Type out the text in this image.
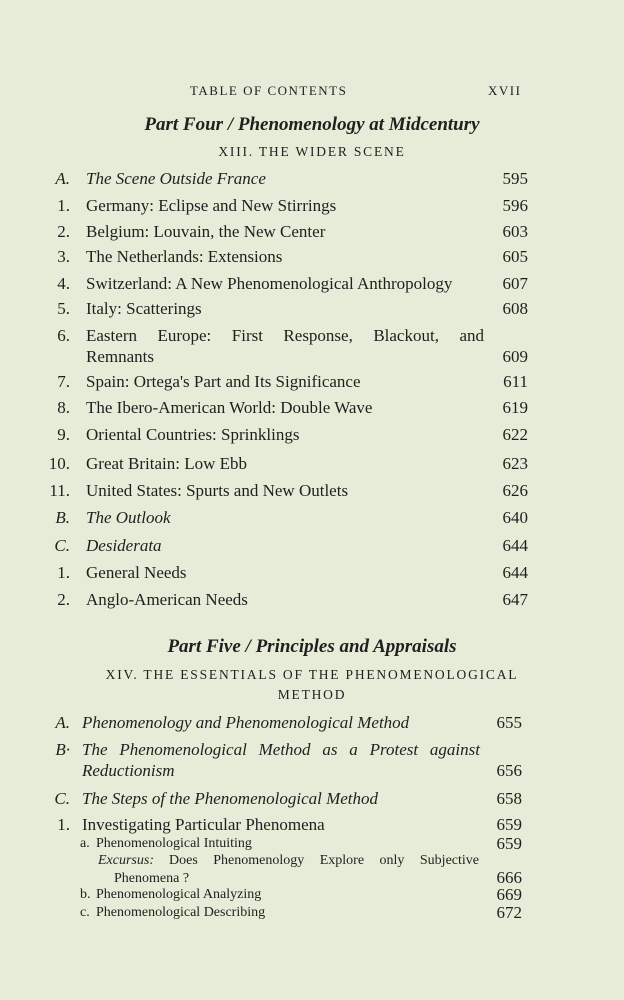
TABLE OF CONTENTS	XVII
Part Four / Phenomenology at Midcentury
XIII. THE WIDER SCENE
A. The Scene Outside France	595
1. Germany: Eclipse and New Stirrings	596
2. Belgium: Louvain, the New Center	603
3. The Netherlands: Extensions	605
4. Switzerland: A New Phenomenological Anthropology	607
5. Italy: Scatterings	608
6. Eastern Europe: First Response, Blackout, and
Remnants	609
7. Spain: Ortega's Part and Its Significance	611
8. The Ibero-American World: Double Wave	619
9. Oriental Countries: Sprinklings	622
10. Great Britain: Low Ebb	623
11. United States: Spurts and New Outlets	626
B. The Outlook	640
C. Desiderata	644
1. General Needs	644
2. Anglo-American Needs	647
Part Five / Principles and Appraisals
XIV. THE ESSENTIALS OF THE PHENOMENOLOGICAL
METHOD
A. Phenomenology and Phenomenological Method	655
B· The Phenomenological Method as a Protest against
Reductionism	656
C. The Steps of the Phenomenological Method	658
1. Investigating Particular Phenomena	659
a. Phenomenological Intuiting	659
Excursus: Does Phenomenology Explore only Subjective
Phenomena ?	666
b. Phenomenological Analyzing	669
c. Phenomenological Describing	672
